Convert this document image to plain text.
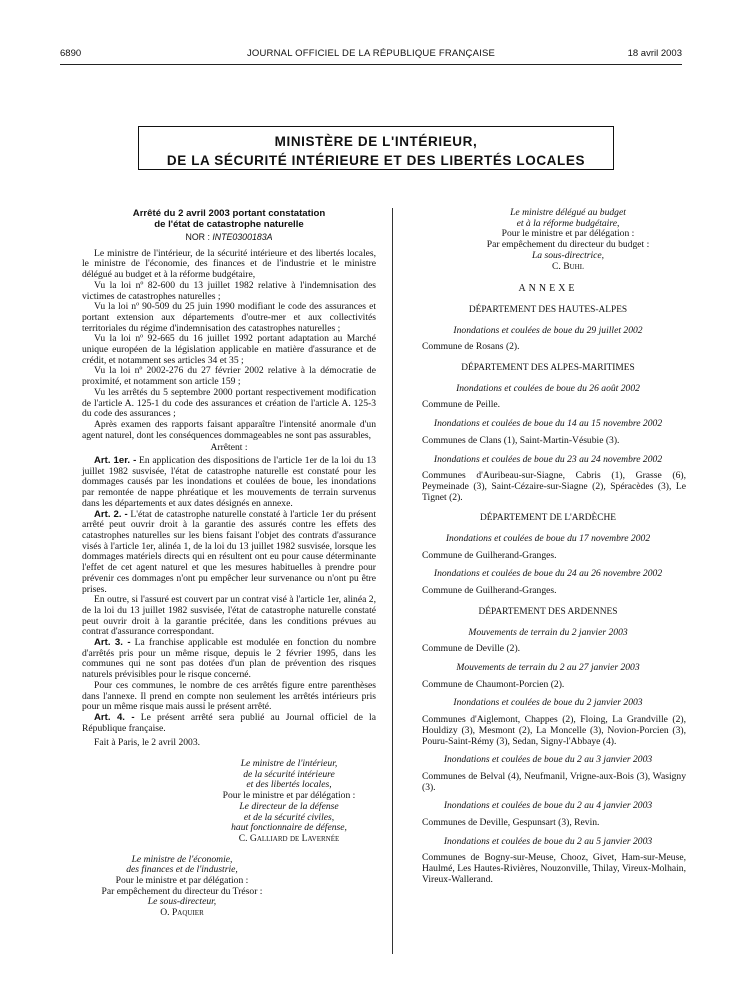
6890	JOURNAL OFFICIEL DE LA RÉPUBLIQUE FRANÇAISE	18 avril 2003
MINISTÈRE DE L'INTÉRIEUR,
DE LA SÉCURITÉ INTÉRIEURE ET DES LIBERTÉS LOCALES
Arrêté du 2 avril 2003 portant constatation
de l'état de catastrophe naturelle
NOR : INTE0300183A

Le ministre de l'intérieur, de la sécurité intérieure et des libertés locales, le ministre de l'économie, des finances et de l'industrie et le ministre délégué au budget et à la réforme budgétaire,

Vu la loi nº 82-600 du 13 juillet 1982 relative à l'indemnisation des victimes de catastrophes naturelles ;

Vu la loi nº 90-509 du 25 juin 1990 modifiant le code des assurances et portant extension aux départements d'outre-mer et aux collectivités territoriales du régime d'indemnisation des catastrophes naturelles ;

Vu la loi nº 92-665 du 16 juillet 1992 portant adaptation au Marché unique européen de la législation applicable en matière d'assurance et de crédit, et notamment ses articles 34 et 35 ;

Vu la loi nº 2002-276 du 27 février 2002 relative à la démocratie de proximité, et notamment son article 159 ;

Vu les arrêtés du 5 septembre 2000 portant respectivement modification de l'article A. 125-1 du code des assurances et création de l'article A. 125-3 du code des assurances ;

Après examen des rapports faisant apparaître l'intensité anormale d'un agent naturel, dont les conséquences dommageables ne sont pas assurables,

Arrêtent :

Art. 1er. - En application des dispositions de l'article 1er de la loi du 13 juillet 1982 susvisée, l'état de catastrophe naturelle est constaté pour les dommages causés par les inondations et coulées de boue, les inondations par remontée de nappe phréatique et les mouvements de terrain survenus dans les départements et aux dates désignés en annexe.

Art. 2. - L'état de catastrophe naturelle constaté à l'article 1er du présent arrêté peut ouvrir droit à la garantie des assurés contre les effets des catastrophes naturelles sur les biens faisant l'objet des contrats d'assurance visés à l'article 1er, alinéa 1, de la loi du 13 juillet 1982 susvisée, lorsque les dommages matériels directs qui en résultent ont eu pour cause déterminante l'effet de cet agent naturel et que les mesures habituelles à prendre pour prévenir ces dommages n'ont pu empêcher leur survenance ou n'ont pu être prises.

En outre, si l'assuré est couvert par un contrat visé à l'article 1er, alinéa 2, de la loi du 13 juillet 1982 susvisée, l'état de catastrophe naturelle constaté peut ouvrir droit à la garantie précitée, dans les conditions prévues au contrat d'assurance correspondant.

Art. 3. - La franchise applicable est modulée en fonction du nombre d'arrêtés pris pour un même risque, depuis le 2 février 1995, dans les communes qui ne sont pas dotées d'un plan de prévention des risques naturels prévisibles pour le risque concerné.

Pour ces communes, le nombre de ces arrêtés figure entre parenthèses dans l'annexe. Il prend en compte non seulement les arrêtés intérieurs pris pour un même risque mais aussi le présent arrêté.

Art. 4. - Le présent arrêté sera publié au Journal officiel de la République française.

Fait à Paris, le 2 avril 2003.
Le ministre de l'intérieur,
de la sécurité intérieure
et des libertés locales,
Pour le ministre et par délégation :
Le directeur de la défense
et de la sécurité civiles,
haut fonctionnaire de défense,
C. Galliard de Lavernée
Le ministre de l'économie,
des finances et de l'industrie,
Pour le ministre et par délégation :
Par empêchement du directeur du Trésor :
Le sous-directeur,
O. Paquier
Le ministre délégué au budget
et à la réforme budgétaire,
Pour le ministre et par délégation :
Par empêchement du directeur du budget :
La sous-directrice,
C. Buhl
ANNEXE
DÉPARTEMENT DES HAUTES-ALPES
Inondations et coulées de boue du 29 juillet 2002
Commune de Rosans (2).
DÉPARTEMENT DES ALPES-MARITIMES
Inondations et coulées de boue du 26 août 2002
Commune de Peille.
Inondations et coulées de boue du 14 au 15 novembre 2002
Communes de Clans (1), Saint-Martin-Vésubie (3).
Inondations et coulées de boue du 23 au 24 novembre 2002
Communes d'Auribeau-sur-Siagne, Cabris (1), Grasse (6), Peymeinade (3), Saint-Cézaire-sur-Siagne (2), Spéracèdes (3), Le Tignet (2).
DÉPARTEMENT DE L'ARDÈCHE
Inondations et coulées de boue du 17 novembre 2002
Commune de Guilherand-Granges.
Inondations et coulées de boue du 24 au 26 novembre 2002
Commune de Guilherand-Granges.
DÉPARTEMENT DES ARDENNES
Mouvements de terrain du 2 janvier 2003
Commune de Deville (2).
Mouvements de terrain du 2 au 27 janvier 2003
Commune de Chaumont-Porcien (2).
Inondations et coulées de boue du 2 janvier 2003
Communes d'Aiglemont, Chappes (2), Floing, La Grandville (2), Houldizy (3), Mesmont (2), La Moncelle (3), Novion-Porcien (3), Pouru-Saint-Rémy (3), Sedan, Signy-l'Abbaye (4).
Inondations et coulées de boue du 2 au 3 janvier 2003
Communes de Belval (4), Neufmanil, Vrigne-aux-Bois (3), Wasigny (3).
Inondations et coulées de boue du 2 au 4 janvier 2003
Communes de Deville, Gespunsart (3), Revin.
Inondations et coulées de boue du 2 au 5 janvier 2003
Communes de Bogny-sur-Meuse, Chooz, Givet, Ham-sur-Meuse, Haulmé, Les Hautes-Rivières, Nouzonville, Thilay, Vireux-Molhain, Vireux-Wallerand.
